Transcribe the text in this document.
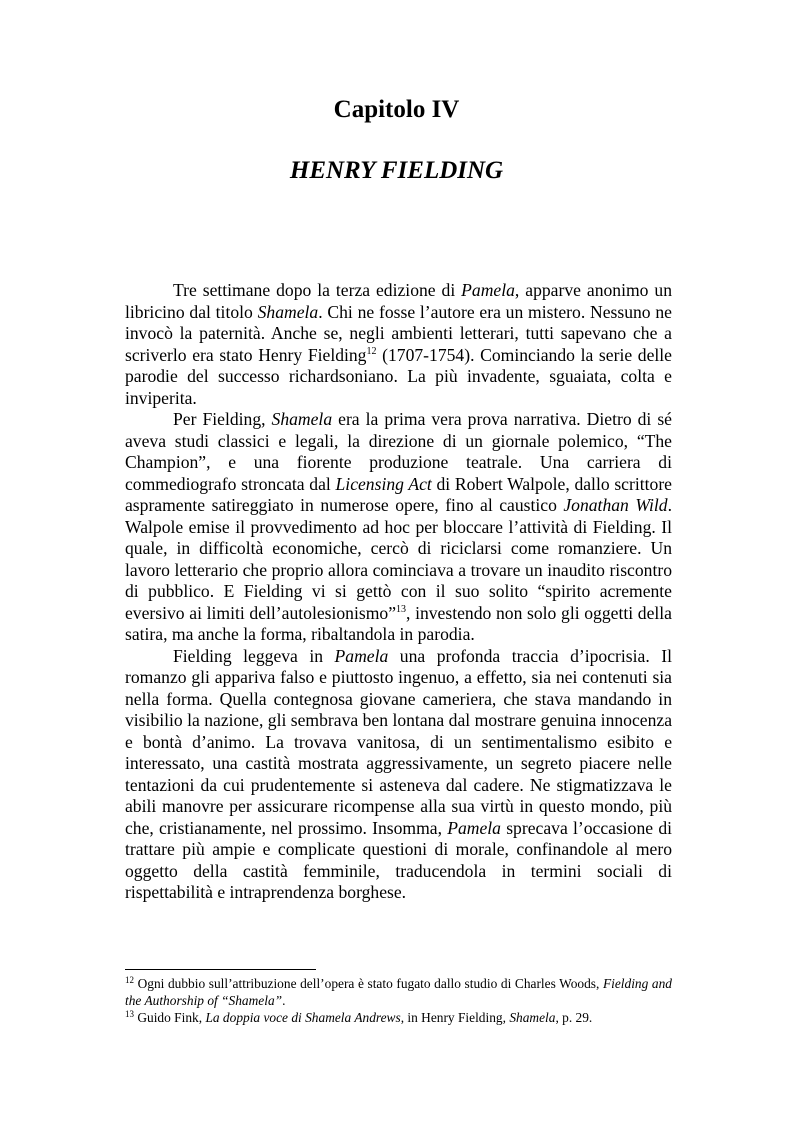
Capitolo IV
HENRY FIELDING

Tre settimane dopo la terza edizione di Pamela, apparve anonimo un libricino dal titolo Shamela. Chi ne fosse l’autore era un mistero. Nessuno ne invocò la paternità. Anche se, negli ambienti letterari, tutti sapevano che a scriverlo era stato Henry Fielding$^{12}$ (1707-1754). Cominciando la serie delle parodie del successo richardsoniano. La più invadente, sguaiata, colta e inviperita.

Per Fielding, Shamela era la prima vera prova narrativa. Dietro di sé aveva studi classici e legali, la direzione di un giornale polemico, “The Champion”, e una fiorente produzione teatrale. Una carriera di commediografo stroncata dal Licensing Act di Robert Walpole, dallo scrittore aspramente satireggiato in numerose opere, fino al caustico Jonathan Wild. Walpole emise il provvedimento ad hoc per bloccare l’attività di Fielding. Il quale, in difficoltà economiche, cercò di riciclarsi come romanziere. Un lavoro letterario che proprio allora cominciava a trovare un inaudito riscontro di pubblico. E Fielding vi si gettò con il suo solito “spirito acremente eversivo ai limiti dell’autolesionismo”$^{13}$, investendo non solo gli oggetti della satira, ma anche la forma, ribaltandola in parodia.

Fielding leggeva in Pamela una profonda traccia d’ipocrisia. Il romanzo gli appariva falso e piuttosto ingenuo, a effetto, sia nei contenuti sia nella forma. Quella contegnosa giovane cameriera, che stava mandando in visibilio la nazione, gli sembrava ben lontana dal mostrare genuina innocenza e bontà d’animo. La trovava vanitosa, di un sentimentalismo esibito e interessato, una castità mostrata aggressivamente, un segreto piacere nelle tentazioni da cui prudentemente si asteneva dal cadere. Ne stigmatizzava le abili manovre per assicurare ricompense alla sua virtù in questo mondo, più che, cristianamente, nel prossimo. Insomma, Pamela sprecava l’occasione di trattare più ampie e complicate questioni di morale, confinandole al mero oggetto della castità femminile, traducendola in termini sociali di rispettabilità e intraprendenza borghese.

$^{12}$ Ogni dubbio sull’attribuzione dell’opera è stato fugato dallo studio di Charles Woods, Fielding and the Authorship of “Shamela”.

$^{13}$ Guido Fink, La doppia voce di Shamela Andrews, in Henry Fielding, Shamela, p. 29.
